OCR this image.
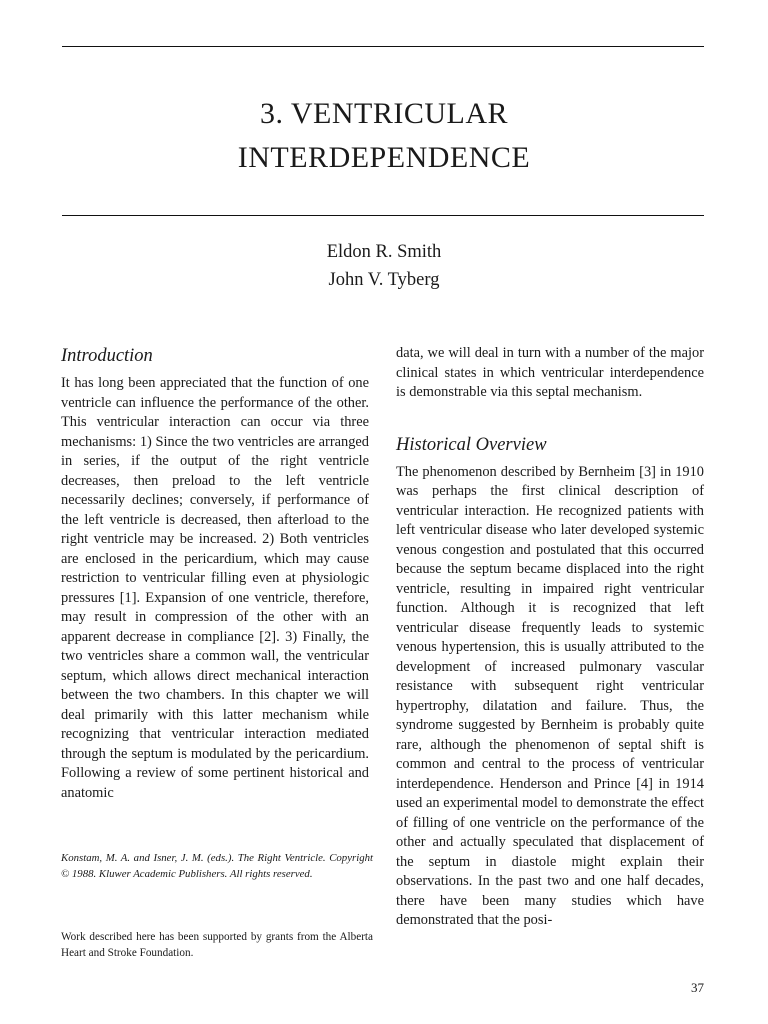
3. VENTRICULAR
INTERDEPENDENCE
Eldon R. Smith
John V. Tyberg
Introduction

It has long been appreciated that the function of one ventricle can influence the performance of the other. This ventricular interaction can occur via three mechanisms: 1) Since the two ventricles are arranged in series, if the output of the right ventricle decreases, then preload to the left ventricle necessarily declines; conversely, if performance of the left ventricle is decreased, then afterload to the right ventricle may be increased. 2) Both ventricles are enclosed in the pericardium, which may cause restriction to ventricular filling even at physiologic pressures [1]. Expansion of one ventricle, therefore, may result in compression of the other with an apparent decrease in compliance [2]. 3) Finally, the two ventricles share a common wall, the ventricular septum, which allows direct mechanical interaction between the two chambers. In this chapter we will deal primarily with this latter mechanism while recognizing that ventricular interaction mediated through the septum is modulated by the pericardium. Following a review of some pertinent historical and anatomic

Konstam, M. A. and Isner, J. M. (eds.). The Right Ventricle. Copyright © 1988. Kluwer Academic Publishers. All rights reserved.

Work described here has been supported by grants from the Alberta Heart and Stroke Foundation.

data, we will deal in turn with a number of the major clinical states in which ventricular interdependence is demonstrable via this septal mechanism.

Historical Overview

The phenomenon described by Bernheim [3] in 1910 was perhaps the first clinical description of ventricular interaction. He recognized patients with left ventricular disease who later developed systemic venous congestion and postulated that this occurred because the septum became displaced into the right ventricle, resulting in impaired right ventricular function. Although it is recognized that left ventricular disease frequently leads to systemic venous hypertension, this is usually attributed to the development of increased pulmonary vascular resistance with subsequent right ventricular hypertrophy, dilatation and failure. Thus, the syndrome suggested by Bernheim is probably quite rare, although the phenomenon of septal shift is common and central to the process of ventricular interdependence. Henderson and Prince [4] in 1914 used an experimental model to demonstrate the effect of filling of one ventricle on the performance of the other and actually speculated that displacement of the septum in diastole might explain their observations. In the past two and one half decades, there have been many studies which have demonstrated that the posi-

37
